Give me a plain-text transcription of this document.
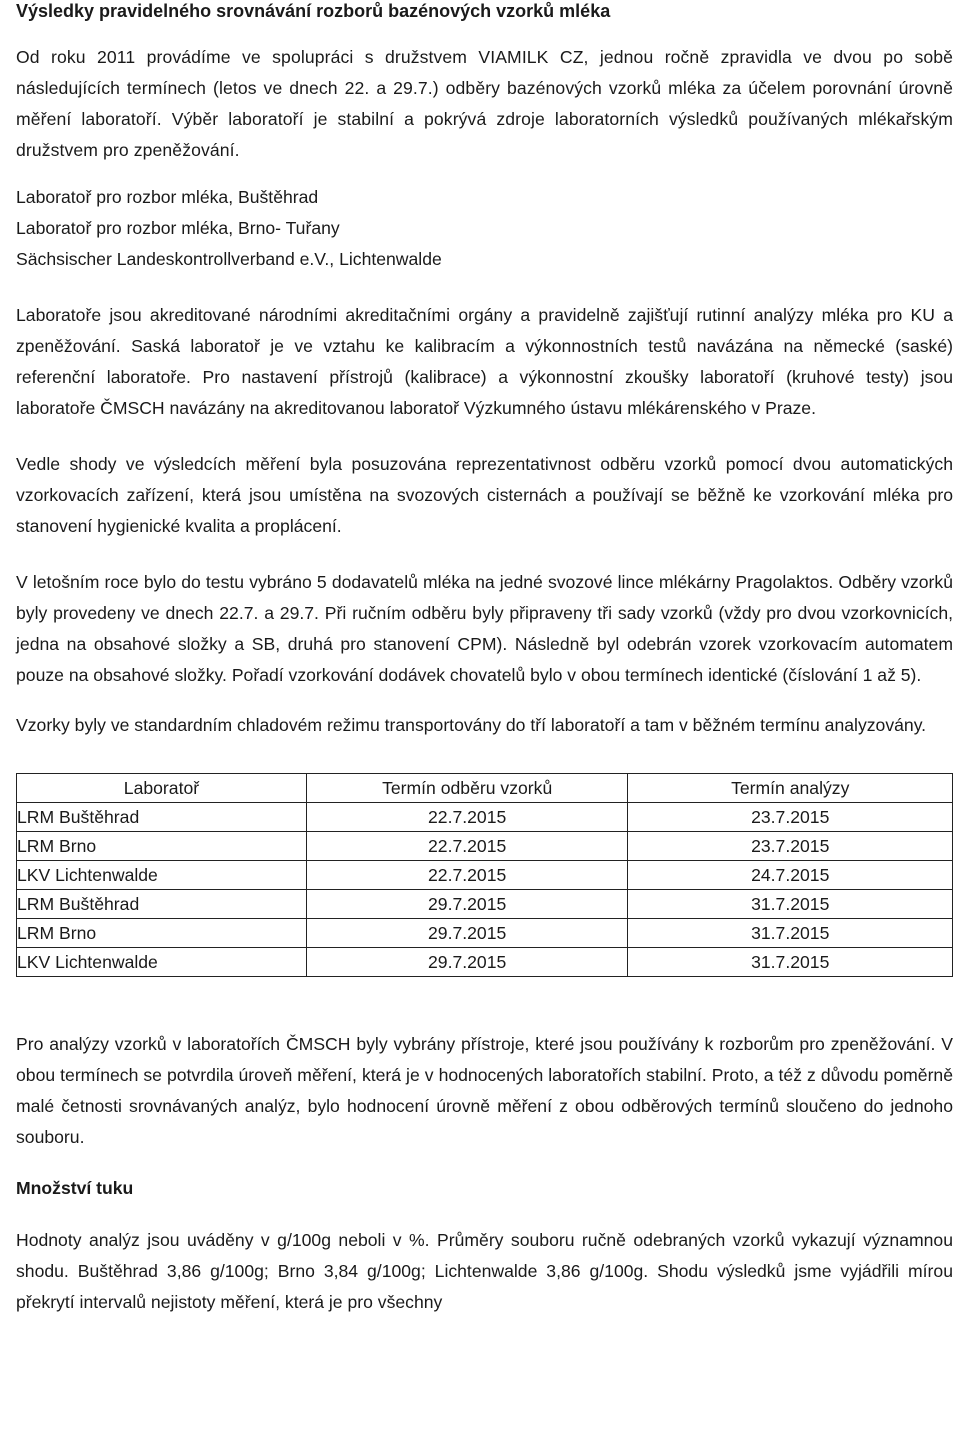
Výsledky pravidelného srovnávání rozborů bazénových vzorků mléka

Od roku 2011 provádíme ve spolupráci s družstvem VIAMILK CZ, jednou ročně zpravidla ve dvou po sobě následujících termínech (letos ve dnech 22. a 29.7.) odběry bazénových vzorků mléka za účelem porovnání úrovně měření laboratoří. Výběr laboratoří je stabilní a pokrývá zdroje laboratorních výsledků používaných mlékařským družstvem pro zpeněžování.

Laboratoř pro rozbor mléka, Buštěhrad

Laboratoř pro rozbor mléka, Brno- Tuřany

Sächsischer Landeskontrollverband e.V., Lichtenwalde

Laboratoře jsou akreditované národními akreditačními orgány a pravidelně zajišťují rutinní analýzy mléka pro KU a zpeněžování. Saská laboratoř je ve vztahu ke kalibracím a výkonnostních testů navázána na německé (saské) referenční laboratoře. Pro nastavení přístrojů (kalibrace) a výkonnostní zkoušky laboratoří (kruhové testy) jsou laboratoře ČMSCH navázány na akreditovanou laboratoř Výzkumného ústavu mlékárenského v Praze.

Vedle shody ve výsledcích měření byla posuzována reprezentativnost odběru vzorků pomocí dvou automatických vzorkovacích zařízení, která jsou umístěna na svozových cisternách a používají se běžně ke vzorkování mléka pro stanovení hygienické kvalita a proplácení.

V letošním roce bylo do testu vybráno 5 dodavatelů mléka na jedné svozové lince mlékárny Pragolaktos. Odběry vzorků byly provedeny ve dnech 22.7. a 29.7. Při ručním odběru byly připraveny tři sady vzorků (vždy pro dvou vzorkovnicích, jedna na obsahové složky a SB, druhá pro stanovení CPM). Následně byl odebrán vzorek vzorkovacím automatem pouze na obsahové složky. Pořadí vzorkování dodávek chovatelů bylo v obou termínech identické (číslování 1 až 5).

Vzorky byly ve standardním chladovém režimu transportovány do tří laboratoří a tam v běžném termínu analyzovány.

Laboratoř	Termín odběru vzorků	Termín analýzy
LRM Buštěhrad	22.7.2015	23.7.2015
LRM Brno	22.7.2015	23.7.2015
LKV Lichtenwalde	22.7.2015	24.7.2015
LRM Buštěhrad	29.7.2015	31.7.2015
LRM Brno	29.7.2015	31.7.2015
LKV Lichtenwalde	29.7.2015	31.7.2015

Pro analýzy vzorků v laboratořích ČMSCH byly vybrány přístroje, které jsou používány k rozborům pro zpeněžování. V obou termínech se potvrdila úroveň měření, která je v hodnocených laboratořích stabilní. Proto, a též z důvodu poměrně malé četnosti srovnávaných analýz, bylo hodnocení úrovně měření z obou odběrových termínů sloučeno do jednoho souboru.

Množství tuku

Hodnoty analýz jsou uváděny v g/100g neboli v %. Průměry souboru ručně odebraných vzorků vykazují významnou shodu. Buštěhrad 3,86 g/100g; Brno 3,84 g/100g; Lichtenwalde 3,86 g/100g. Shodu výsledků jsme vyjádřili mírou překrytí intervalů nejistoty měření, která je pro všechny
